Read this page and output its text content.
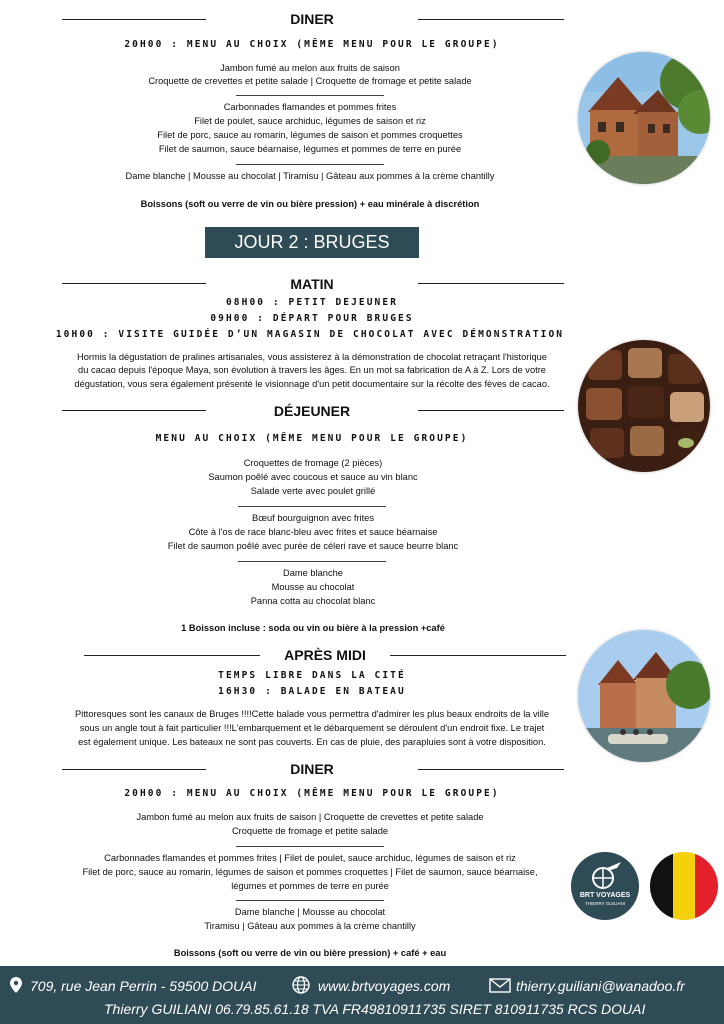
DINER
20H00 : MENU AU CHOIX (MÊME MENU POUR LE GROUPE)
Jambon fumé au melon aux fruits de saison
Croquette de crevettes et petite salade | Croquette de fromage et petite salade
Carbonnades flamandes et pommes frites
Filet de poulet, sauce archiduc, légumes de saison et riz
Filet de porc, sauce au romarin, légumes de saison et pommes croquettes
Filet de saumon, sauce béarnaise, légumes et pommes de terre en purée
Dame blanche | Mousse au chocolat | Tiramisu | Gâteau aux pommes à la crème chantilly
Boissons (soft ou verre de vin ou bière pression) + eau minérale à discrétion
JOUR 2 : BRUGES
MATIN
08H00 : PETIT DEJEUNER
09H00 : DÉPART POUR BRUGES
10H00 : VISITE GUIDÉE D’UN MAGASIN DE CHOCOLAT AVEC DÉMONSTRATION
Hormis la dégustation de pralines artisanales, vous assisterez à la démonstration de chocolat retraçant l'historique
du cacao depuis l'époque Maya, son évolution à travers les âges. En un mot sa fabrication de A à Z. Lors de votre
dégustation, vous sera également présenté le visionnage d'un petit documentaire sur la récolte des fèves de cacao.
DÉJEUNER
MENU AU CHOIX (MÊME MENU POUR LE GROUPE)
Croquettes de fromage (2 pièces)
Saumon poêlé avec coucous et sauce au vin blanc
Salade verte avec poulet grillé
Bœuf bourguignon avec frites
Côte à l'os de race blanc-bleu avec frites et sauce béarnaise
Filet de saumon poêlé avec purée de céleri rave et sauce beurre blanc
Dame blanche
Mousse au chocolat
Panna cotta au chocolat blanc
1 Boisson incluse : soda ou vin ou bière à la pression +café
APRÈS MIDI
TEMPS LIBRE DANS LA CITÉ
16H30 : BALADE EN BATEAU
Pittoresques sont les canaux de Bruges !!!!Cette balade vous permettra d'admirer les plus beaux endroits de la ville
sous un angle tout à fait particulier !!!L'embarquement et le débarquement se déroulent d'un endroit fixe. Le trajet
est également unique. Les bateaux ne sont pas couverts. En cas de pluie, des parapluies sont à votre disposition.
DINER
20H00 : MENU AU CHOIX (MÊME MENU POUR LE GROUPE)
Jambon fumé au melon aux fruits de saison | Croquette de crevettes et petite salade
Croquette de fromage et petite salade
Carbonnades flamandes et pommes frites | Filet de poulet, sauce archiduc, légumes de saison et riz
Filet de porc, sauce au romarin, légumes de saison et pommes croquettes | Filet de saumon, sauce béarnaise,
légumes et pommes de terre en purée
Dame blanche | Mousse au chocolat
Tiramisu | Gâteau aux pommes à la crème chantilly
Boissons (soft ou verre de vin ou bière pression) + café + eau
BRT VOYAGES
THIERRY GUILIANI
709, rue Jean Perrin - 59500 DOUAI	www.brtvoyages.com	thierry.guiliani@wanadoo.fr
Thierry GUILIANI 06.79.85.61.18 TVA FR49810911735 SIRET 810911735 RCS DOUAI
